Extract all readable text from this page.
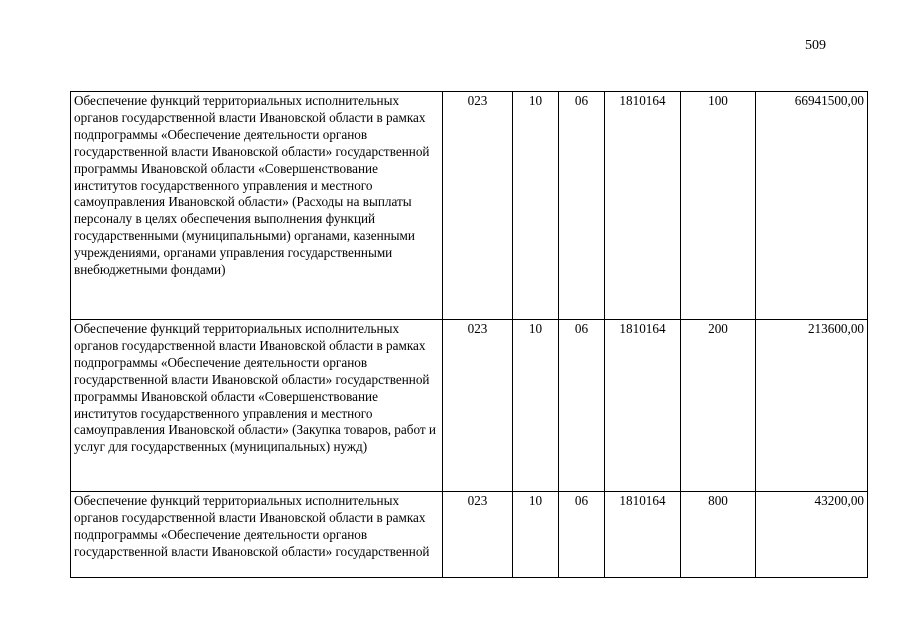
509
Обеспечение функций территориальных исполнительных органов государственной власти Ивановской области в рамках подпрограммы «Обеспечение деятельности органов государственной власти Ивановской области» государственной программы Ивановской области «Совершенствование институтов государственного управления и местного самоуправления Ивановской области» (Расходы на выплаты персоналу в целях обеспечения выполнения функций государственными (муниципальными) органами, казенными учреждениями, органами управления государственными внебюджетными фондами)	023	10	06	1810164	100	66941500,00
Обеспечение функций территориальных исполнительных органов государственной власти Ивановской области в рамках подпрограммы «Обеспечение деятельности органов государственной власти Ивановской области» государственной программы Ивановской области «Совершенствование институтов государственного управления и местного самоуправления Ивановской области» (Закупка товаров, работ и услуг для государственных (муниципальных) нужд)	023	10	06	1810164	200	213600,00
Обеспечение функций территориальных исполнительных органов государственной власти Ивановской области в рамках подпрограммы «Обеспечение деятельности органов государственной власти Ивановской области» государственной	023	10	06	1810164	800	43200,00
